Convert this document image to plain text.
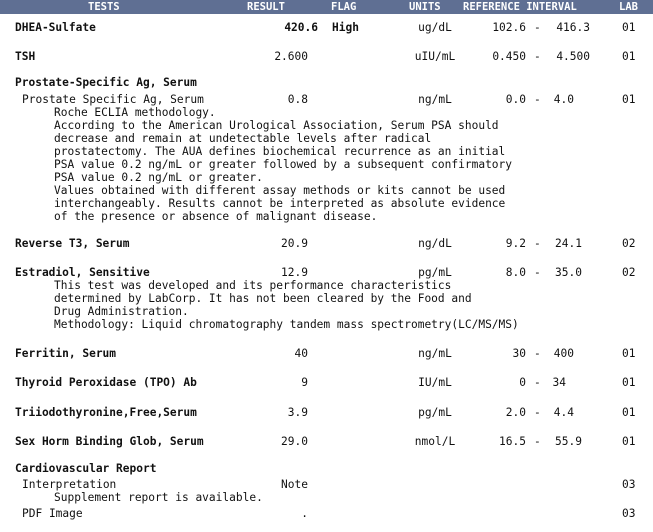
TESTS	RESULT	FLAG	UNITS REFERENCE INTERVAL	LAB
DHEA-Sulfate	420.6 High	ug/dL	102.6 -	416.3	01
TSH	2.600	uIU/mL	0.450 -	4.500	01
Prostate-Specific Ag, Serum
Prostate Specific Ag, Serum	0.8	ng/mL	0.0 -	4.0	01
Roche ECLIA methodology.
According to the American Urological Association, Serum PSA should
decrease and remain at undetectable levels after radical
prostatectomy. The AUA defines biochemical recurrence as an initial
PSA value 0.2 ng/mL or greater followed by a subsequent confirmatory
PSA value 0.2 ng/mL or greater.
Values obtained with different assay methods or kits cannot be used
interchangeably. Results cannot be interpreted as absolute evidence
of the presence or absence of malignant disease.
Reverse T3, Serum	20.9	ng/dL	9.2 -	24.1	02
Estradiol, Sensitive	12.9	pg/mL	8.0 -	35.0	02
This test was developed and its performance characteristics
determined by LabCorp. It has not been cleared by the Food and
Drug Administration.
Methodology: Liquid chromatography tandem mass spectrometry(LC/MS/MS)
Ferritin, Serum	40	ng/mL	30 -	400	01
Thyroid Peroxidase (TPO) Ab	9	IU/mL	0 -	34	01
Triiodothyronine,Free,Serum	3.9	pg/mL	2.0 -	4.4	01
Sex Horm Binding Glob, Serum	29.0	nmol/L	16.5 -	55.9	01
Cardiovascular Report
Interpretation	Note	03
Supplement report is available.
PDF Image	.	03
